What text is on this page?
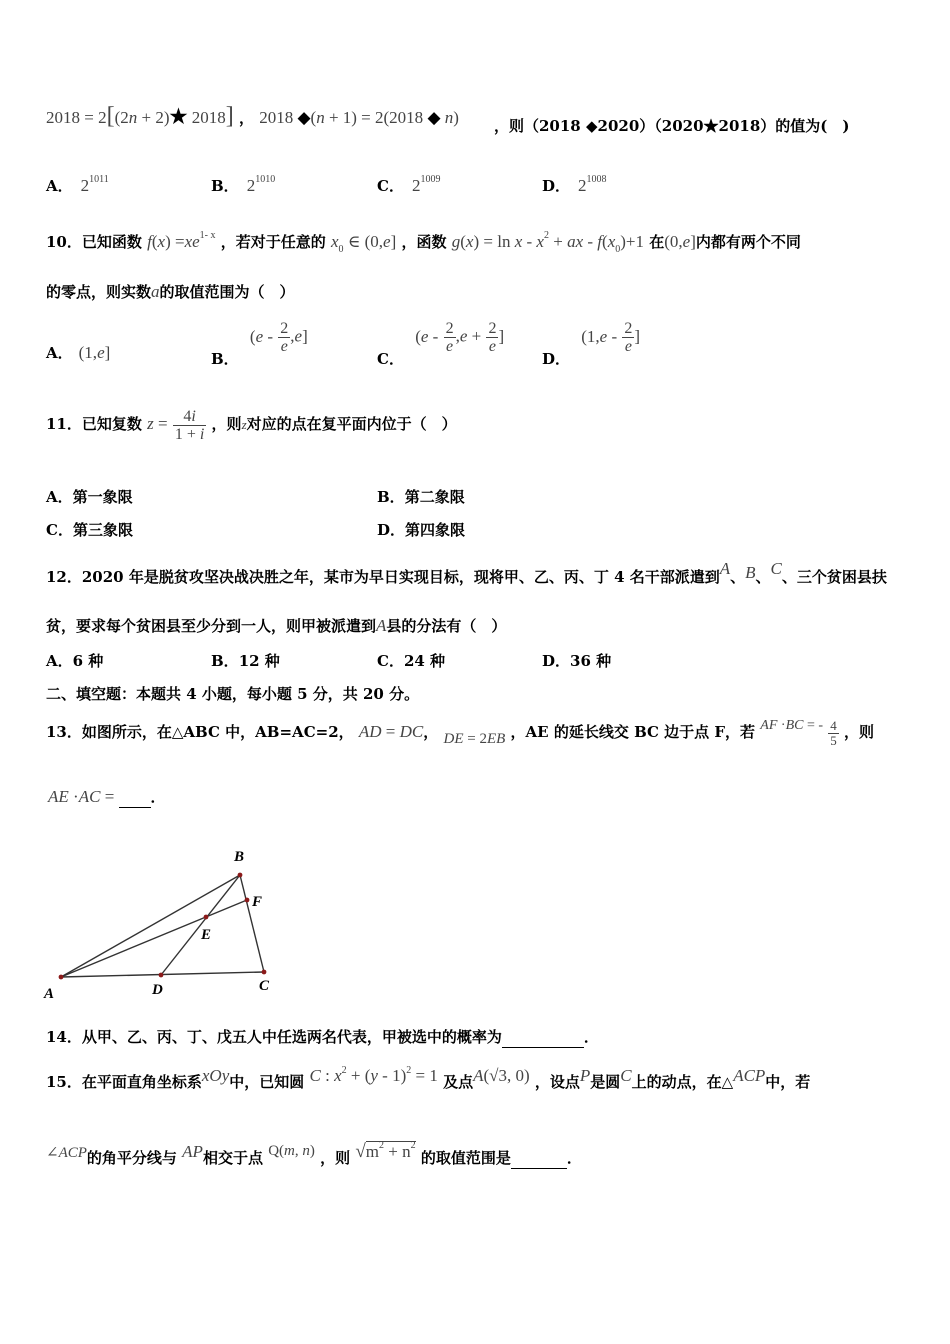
2018 = 2[(2n + 2)★ 2018] ， 2018 ◆(n + 1) = 2(2018 ◆ n) ，则（2018 ◆2020）（2020★2018）的值为(　)
A． $2^{1011}$	B． $2^{1010}$	C． $2^{1009}$	D． $2^{1008}$
10．已知函数 $f(x) =xe^{1- x}$ ，若对于任意的 $x_0$ ∈ (0,e] ，函数 $g(x) = \ln x - x^2$ + ax - $f(x_0)+1$ 在(0,e]内都有两个不同
的零点，则实数a的取值范围为（　）
A． (1,e]	B． $(e - \frac{2}{e} ,e]$
C． ($e - \frac{2}{e} ,e + \frac{2}{e}$ ]
D． ($1,e - \frac{2}{e}$ ]
11．已知复数 $z = \frac{4i}{1 + i}$ ，则z对应的点在复平面内位于（　）
A．第一象限	B．第二象限
C．第三象限	D．第四象限
12．2020 年是脱贫攻坚决战决胜之年，某市为早日实现目标，现将甲、乙、丙、丁 4 名干部派遣到A、B、C、三个贫困县扶
贫，要求每个贫困县至少分到一人，则甲被派遣到A县的分法有（　）
A．6 种	B．12 种	C．24 种	D．36 种
二、填空题：本题共 4 小题，每小题 5 分，共 20 分。
13．如图所示，在△ABC 中，AB=AC=2， AD = DC， DE = 2EB ，AE 的延长线交 BC 边于点 F，若 AF ·BC = - $\frac{4}{5}$ ，则
AE ·AC =  ．
A
B
C
D
E
F
14．从甲、乙、丙、丁、戊五人中任选两名代表，甲被选中的概率为	．
15．在平面直角坐标系xOy中，已知圆 C : $x^2 + (y - 1)^2 = 1$ 及点A(√3, 0) ，设点P是圆C上的动点，在△ACP中，若
∠ACP的角平分线与 AP相交于点 Q(m, n) ，则 $√m^2 + n^2$ 的取值范围是	．
